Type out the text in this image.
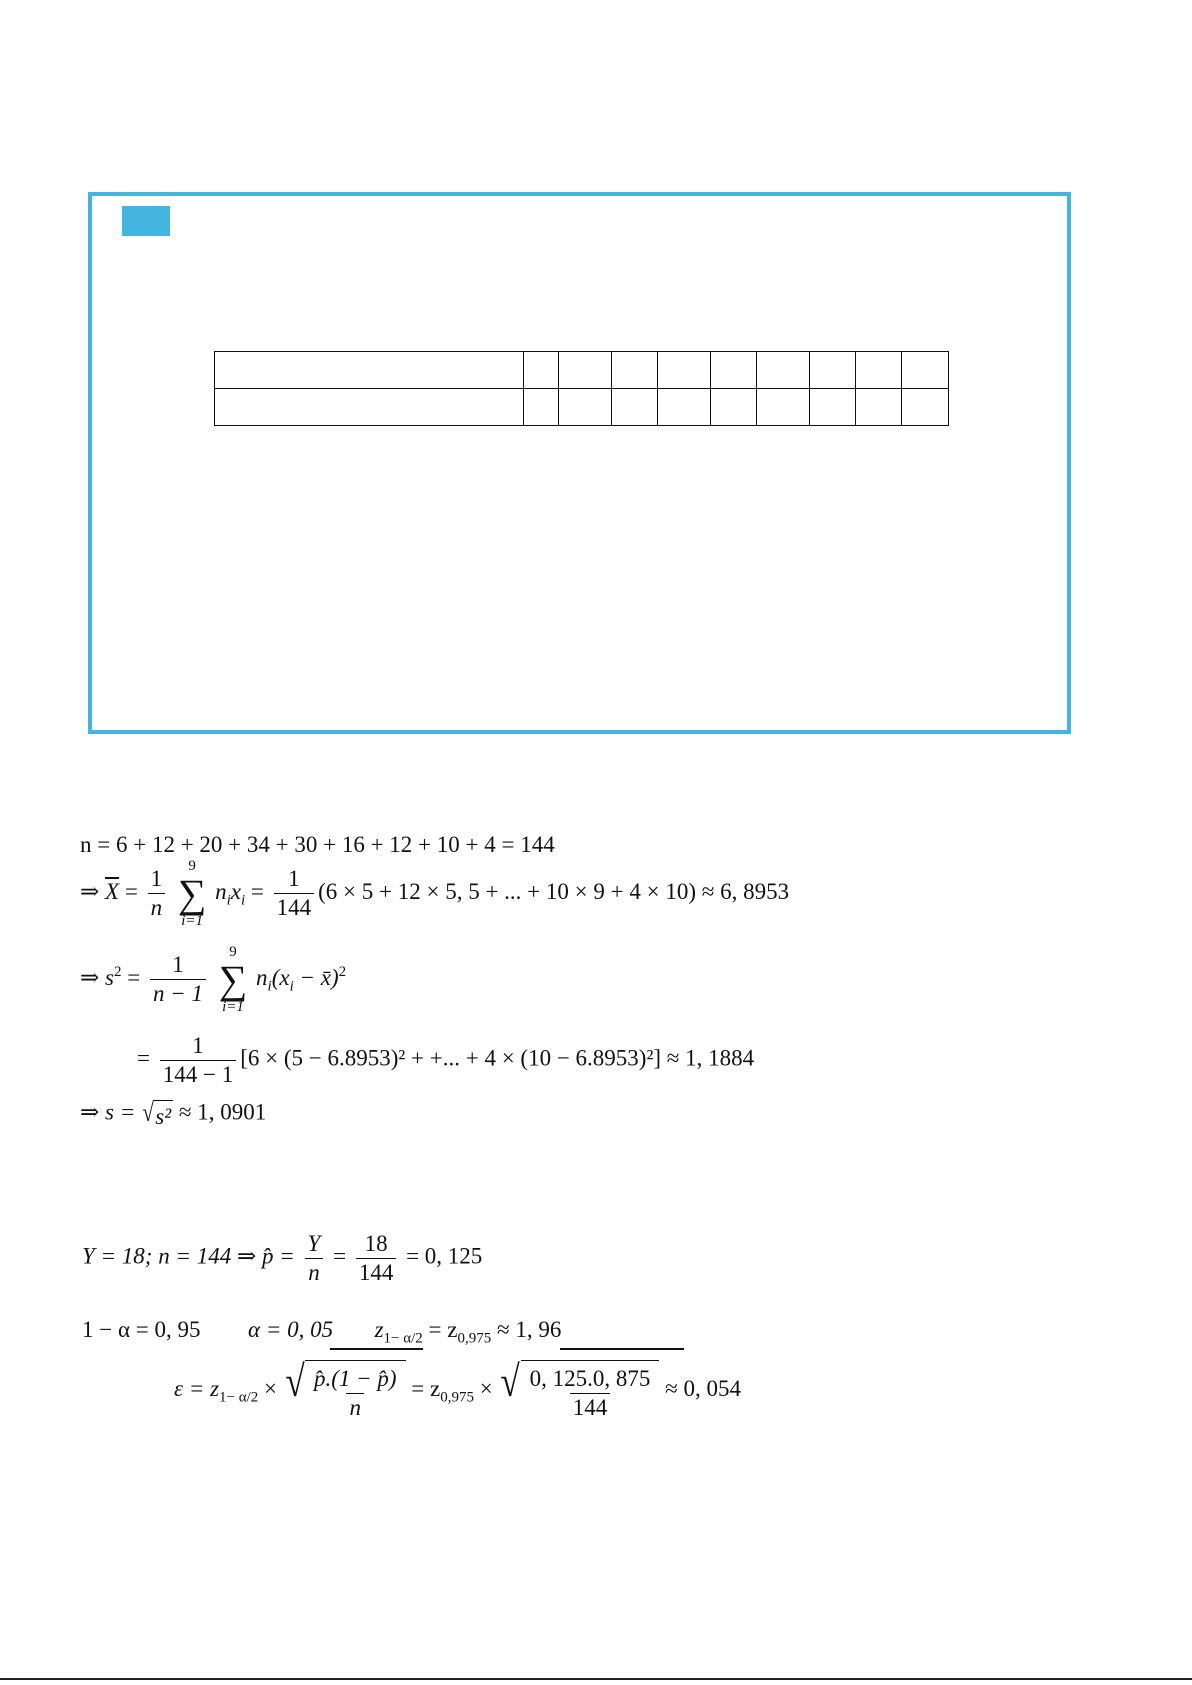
n = 6 + 12 + 20 + 34 + 30 + 16 + 12 + 10 + 4 = 144
⇒ $\overline{X} = \frac{1}{n}$
9
∑
i=1
$n_ix_i = \frac{1}{144} (6 \times 5 + 12 \times 5$, 5 + ... + 10 × 9 + 4 × 10) ≈ 6, 8953
⇒ $s^2 = \frac{1}{n - 1}$
9
∑
i=1
$n_i(x_i$ − x̄)$^2$
= $\frac{1}{144 - 1} [6 \times (5 - 6.8953)^2$ + +... + 4 × (10 − 6.8953)²] ≈ 1, 1884
⇒ s = √ s² ≈ 1, 0901
Y = 18; n = 144 ⇒ p̂ = $\frac{Y}{n} = \frac{18}{144} = 0$, 125
1 − α = 0, 95 α = 0, 05 $z_{1- \alpha/2} = z_{0,975} \approx 1$, 96
$\varepsilon = z_{1- \alpha/2}$ × √ $\frac{p̂.(1 - p̂)}{n} = z_{0,975}$ × √ $\frac{0, 125.0, 875}{144} \approx 0$, 054
